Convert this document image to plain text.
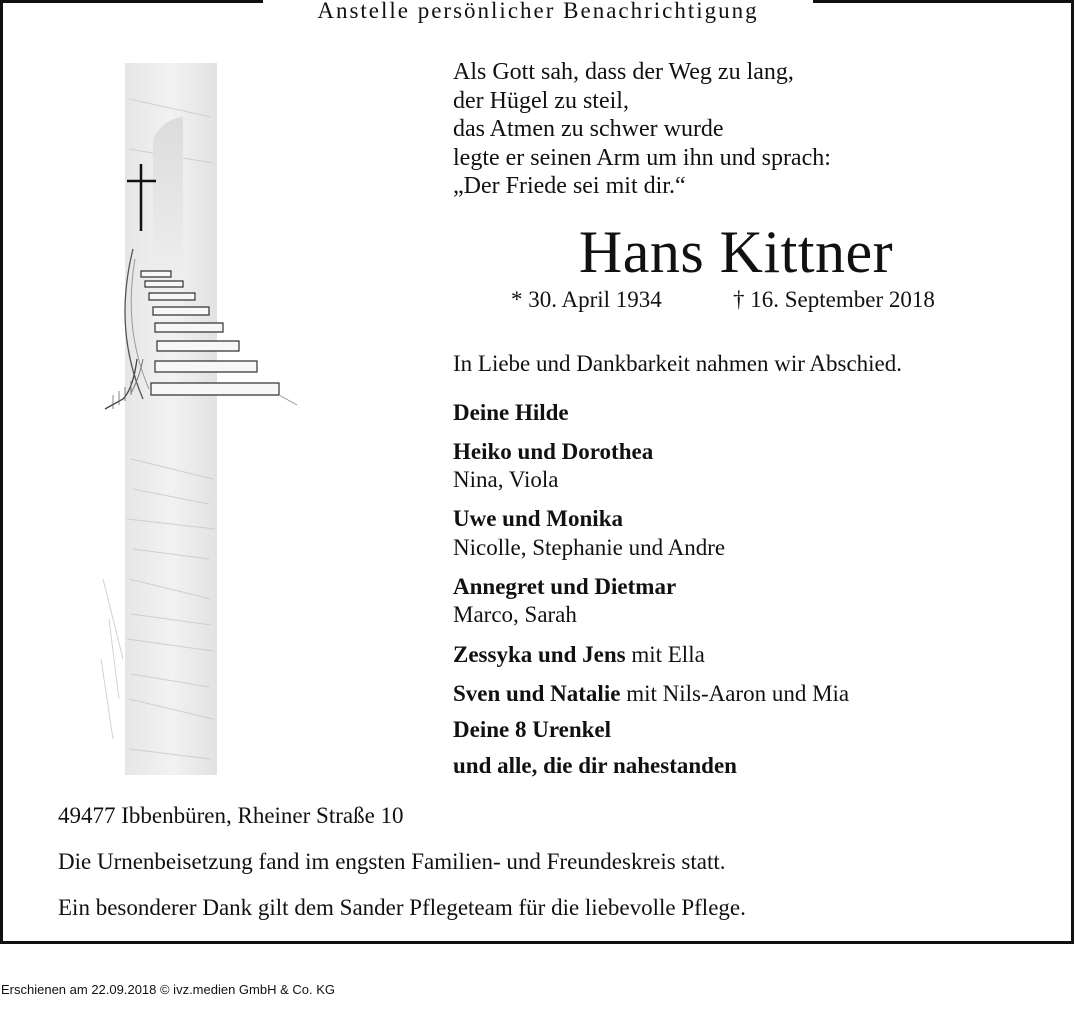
Anstelle persönlicher Benachrichtigung
Als Gott sah, dass der Weg zu lang,
der Hügel zu steil,
das Atmen zu schwer wurde
legte er seinen Arm um ihn und sprach:
„Der Friede sei mit dir.“
Hans Kittner
* 30. April 1934	† 16. September 2018
In Liebe und Dankbarkeit nahmen wir Abschied.
Deine Hilde
Heiko und Dorothea
Nina, Viola
Uwe und Monika
Nicolle, Stephanie und Andre
Annegret und Dietmar
Marco, Sarah
Zessyka und Jens mit Ella
Sven und Natalie mit Nils-Aaron und Mia
Deine 8 Urenkel
und alle, die dir nahestanden
49477 Ibbenbüren, Rheiner Straße 10
Die Urnenbeisetzung fand im engsten Familien- und Freundeskreis statt.
Ein besonderer Dank gilt dem Sander Pflegeteam für die liebevolle Pflege.
Erschienen am 22.09.2018 © ivz.medien GmbH & Co. KG
